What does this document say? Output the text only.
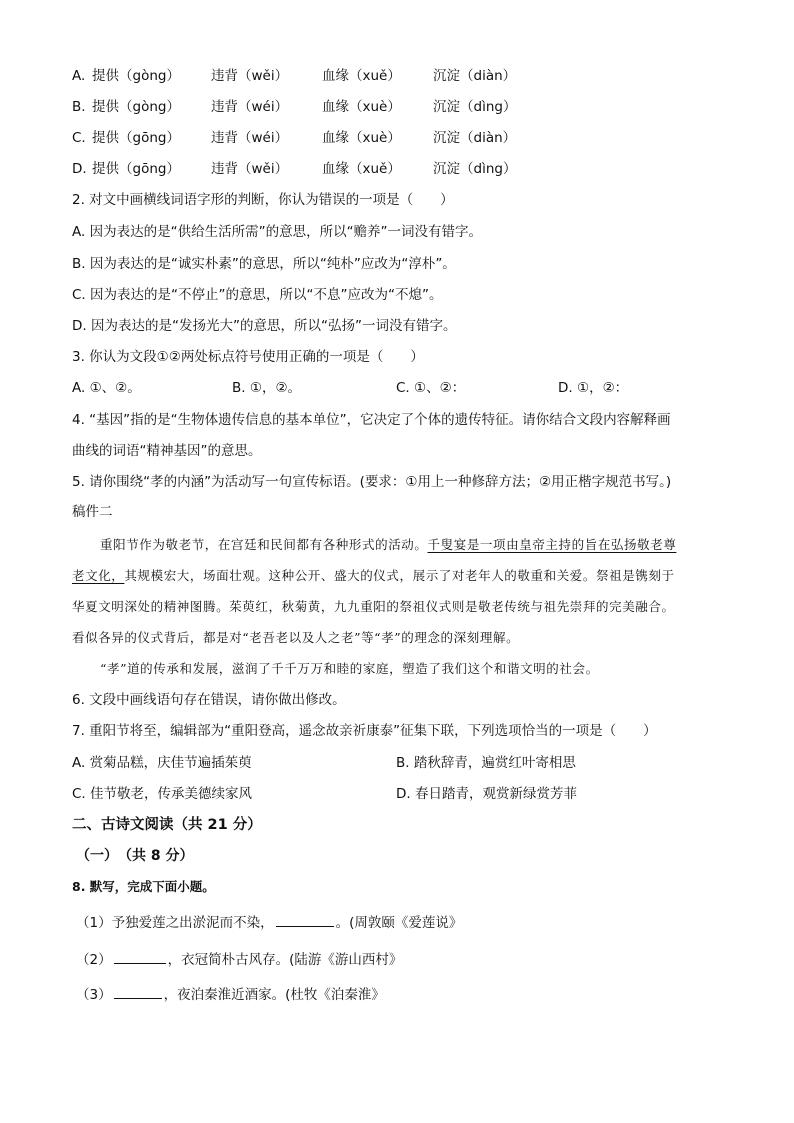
A. 提供（gòng） 违背（wěi）	血缘（xuě） 沉淀（diàn）
B. 提供（gòng） 违背（wéi）	血缘（xuè） 沉淀（dìng）
C. 提供（gōng） 违背（wéi）	血缘（xuè） 沉淀（diàn）
D. 提供（gōng） 违背（wěi）	血缘（xuě） 沉淀（dìng）
2. 对文中画横线词语字形的判断，你认为错误的一项是（　　）
A. 因为表达的是“供给生活所需”的意思，所以“赡养”一词没有错字。
B. 因为表达的是“诚实朴素”的意思，所以“纯朴”应改为“淳朴”。
C. 因为表达的是“不停止”的意思，所以“不息”应改为“不熄”。
D. 因为表达的是“发扬光大”的意思，所以“弘扬”一词没有错字。
3. 你认为文段①②两处标点符号使用正确的一项是（　　）
A. ①、②。	B. ①，②。	C. ①、②：	D. ①，②：
4. “基因”指的是“生物体遗传信息的基本单位”，它决定了个体的遗传特征。请你结合文段内容解释画
曲线的词语“精神基因”的意思。
5. 请你围绕“孝的内涵”为活动写一句宣传标语。(要求：①用上一种修辞方法；②用正楷字规范书写。)
稿件二
重阳节作为敬老节，在宫廷和民间都有各种形式的活动。千叟宴是一项由皇帝主持的旨在弘扬敬老尊
老文化，其规模宏大，场面壮观。这种公开、盛大的仪式，展示了对老年人的敬重和关爱。祭祖是镌刻于
华夏文明深处的精神图腾。茱萸红，秋菊黄，九九重阳的祭祖仪式则是敬老传统与祖先崇拜的完美融合。
看似各异的仪式背后，都是对“老吾老以及人之老”等“孝”的理念的深刻理解。
“孝”道的传承和发展，滋润了千千万万和睦的家庭，塑造了我们这个和谐文明的社会。
6. 文段中画线语句存在错误，请你做出修改。
7. 重阳节将至，编辑部为“重阳登高，遥念故亲祈康泰”征集下联，下列选项恰当的一项是（　　）
A. 赏菊品糕，庆佳节遍插茱萸	B. 踏秋辞青，遍赏红叶寄相思
C. 佳节敬老，传承美德续家风	D. 春日踏青，观赏新绿赏芳菲
二、古诗文阅读（共 21 分）
（一）　（共 8 分）
8. 默写，完成下面小题。
（1）予独爱莲之出淤泥而不染，	。(周敦颐《爱莲说》
（2）	，衣冠简朴古风存。(陆游《游山西村》
（3）	，夜泊秦淮近酒家。(杜牧《泊秦淮》
